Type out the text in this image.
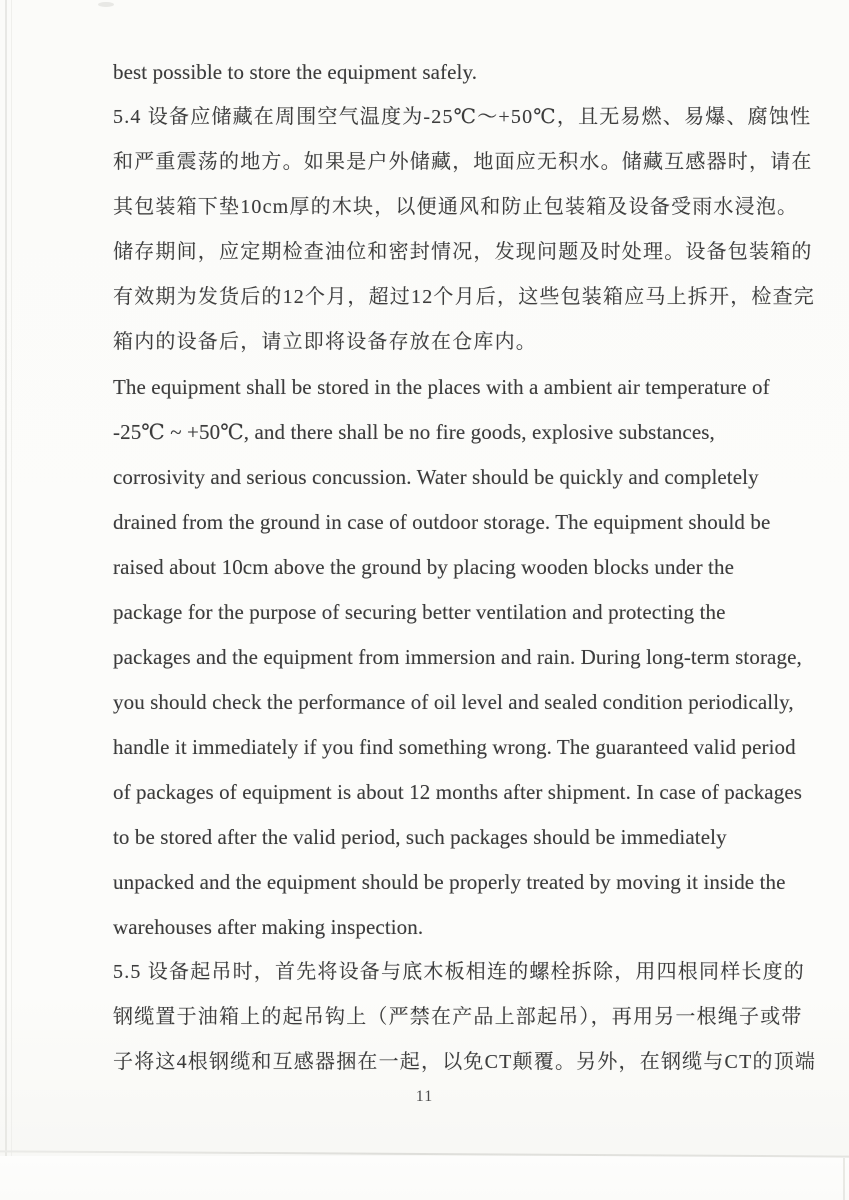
best possible to store the equipment safely.
5.4 设备应储藏在周围空气温度为-25℃～+50℃，且无易燃、易爆、腐蚀性
和严重震荡的地方。如果是户外储藏，地面应无积水。储藏互感器时，请在
其包装箱下垫10cm厚的木块，以便通风和防止包装箱及设备受雨水浸泡。
储存期间，应定期检查油位和密封情况，发现问题及时处理。设备包装箱的
有效期为发货后的12个月，超过12个月后，这些包装箱应马上拆开，检查完
箱内的设备后，请立即将设备存放在仓库内。
The equipment shall be stored in the places with a ambient air temperature of
-25℃ ~ +50℃, and there shall be no fire goods, explosive substances,
corrosivity and serious concussion. Water should be quickly and completely
drained from the ground in case of outdoor storage. The equipment should be
raised about 10cm above the ground by placing wooden blocks under the
package for the purpose of securing better ventilation and protecting the
packages and the equipment from immersion and rain. During long-term storage,
you should check the performance of oil level and sealed condition periodically,
handle it immediately if you find something wrong. The guaranteed valid period
of packages of equipment is about 12 months after shipment. In case of packages
to be stored after the valid period, such packages should be immediately
unpacked and the equipment should be properly treated by moving it inside the
warehouses after making inspection.
5.5 设备起吊时，首先将设备与底木板相连的螺栓拆除，用四根同样长度的
钢缆置于油箱上的起吊钩上（严禁在产品上部起吊），再用另一根绳子或带
子将这4根钢缆和互感器捆在一起，以免CT颠覆。另外，在钢缆与CT的顶端
11
